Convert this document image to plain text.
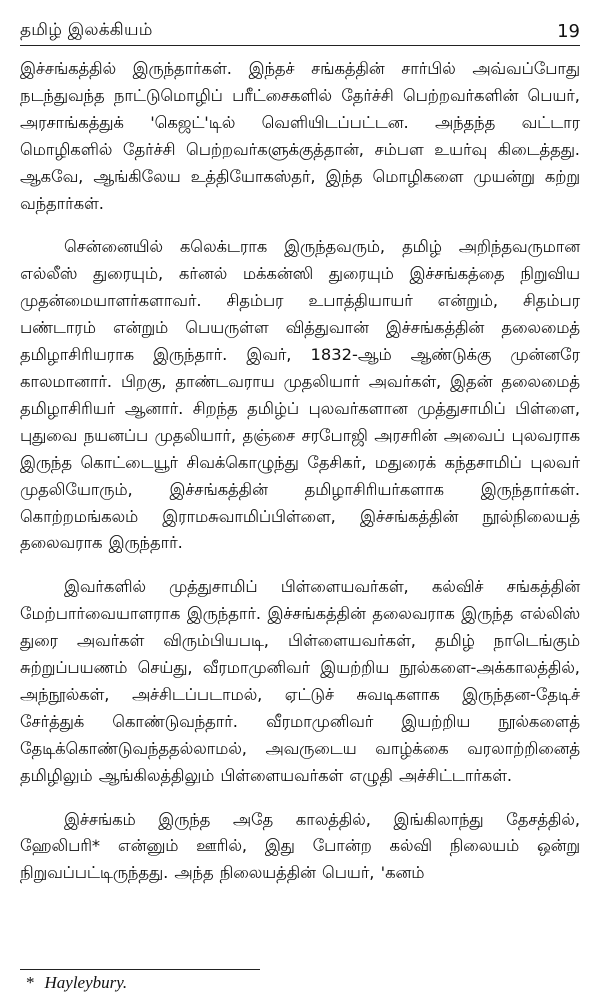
தமிழ் இலக்கியம்	19

இச்சங்கத்தில் இருந்தார்கள். இந்தச் சங்கத்தின் சார்பில் அவ்வப்போது நடந்துவந்த நாட்டுமொழிப் பரீட்சைகளில் தேர்ச்சி பெற்றவர்களின் பெயர், அரசாங்கத்துக் 'கெஜட்'டில் வெளியிடப்பட்டன. அந்தந்த வட்டார மொழிகளில் தேர்ச்சி பெற்றவர்களுக்குத்தான், சம்பள உயர்வு கிடைத்தது. ஆகவே, ஆங்கிலேய உத்தியோகஸ்தர், இந்த மொழிகளை முயன்று கற்று வந்தார்கள்.

சென்னையில் கலெக்டராக இருந்தவரும், தமிழ் அறிந்தவருமான எல்லீஸ் துரையும், கர்னல் மக்கன்ஸி துரையும் இச்சங்கத்தை நிறுவிய முதன்மையாளர்களாவர். சிதம்பர உபாத்தியாயர் என்றும், சிதம்பர பண்டாரம் என்றும் பெயருள்ள வித்துவான் இச்சங்கத்தின் தலைமைத் தமிழாசிரியராக இருந்தார். இவர், 1832-ஆம் ஆண்டுக்கு முன்னரே காலமானார். பிறகு, தாண்டவராய முதலியார் அவர்கள், இதன் தலைமைத் தமிழாசிரியர் ஆனார். சிறந்த தமிழ்ப் புலவர்களான முத்துசாமிப் பிள்ளை, புதுவை நயனப்ப முதலியார், தஞ்சை சரபோஜி அரசரின் அவைப் புலவராக இருந்த கொட்டையூர் சிவக்கொழுந்து தேசிகர், மதுரைக் கந்தசாமிப் புலவர் முதலியோரும், இச்சங்கத்தின் தமிழாசிரியர்களாக இருந்தார்கள். கொற்றமங்கலம் இராமசுவாமிப்பிள்ளை, இச்சங்கத்தின் நூல்நிலையத் தலைவராக இருந்தார்.

இவர்களில் முத்துசாமிப் பிள்ளையவர்கள், கல்விச் சங்கத்தின் மேற்பார்வையாளராக இருந்தார். இச்சங்கத்தின் தலைவராக இருந்த எல்லிஸ் துரை அவர்கள் விரும்பியபடி, பிள்ளையவர்கள், தமிழ் நாடெங்கும் சுற்றுப்பயணம் செய்து, வீரமாமுனிவர் இயற்றிய நூல்களை-அக்காலத்தில், அந்நூல்கள், அச்சிடப்படாமல், ஏட்டுச் சுவடிகளாக இருந்தன-தேடிச் சேர்த்துக் கொண்டுவந்தார். வீரமாமுனிவர் இயற்றிய நூல்களைத் தேடிக்கொண்டுவந்ததல்லாமல், அவருடைய வாழ்க்கை வரலாற்றினைத் தமிழிலும் ஆங்கிலத்திலும் பிள்ளையவர்கள் எழுதி அச்சிட்டார்கள்.

இச்சங்கம் இருந்த அதே காலத்தில், இங்கிலாந்து தேசத்தில், ஹேலிபரி* என்னும் ஊரில், இது போன்ற கல்வி நிலையம் ஒன்று நிறுவப்பட்டிருந்தது. அந்த நிலையத்தின் பெயர், 'கனம்

* Hayleybury.
